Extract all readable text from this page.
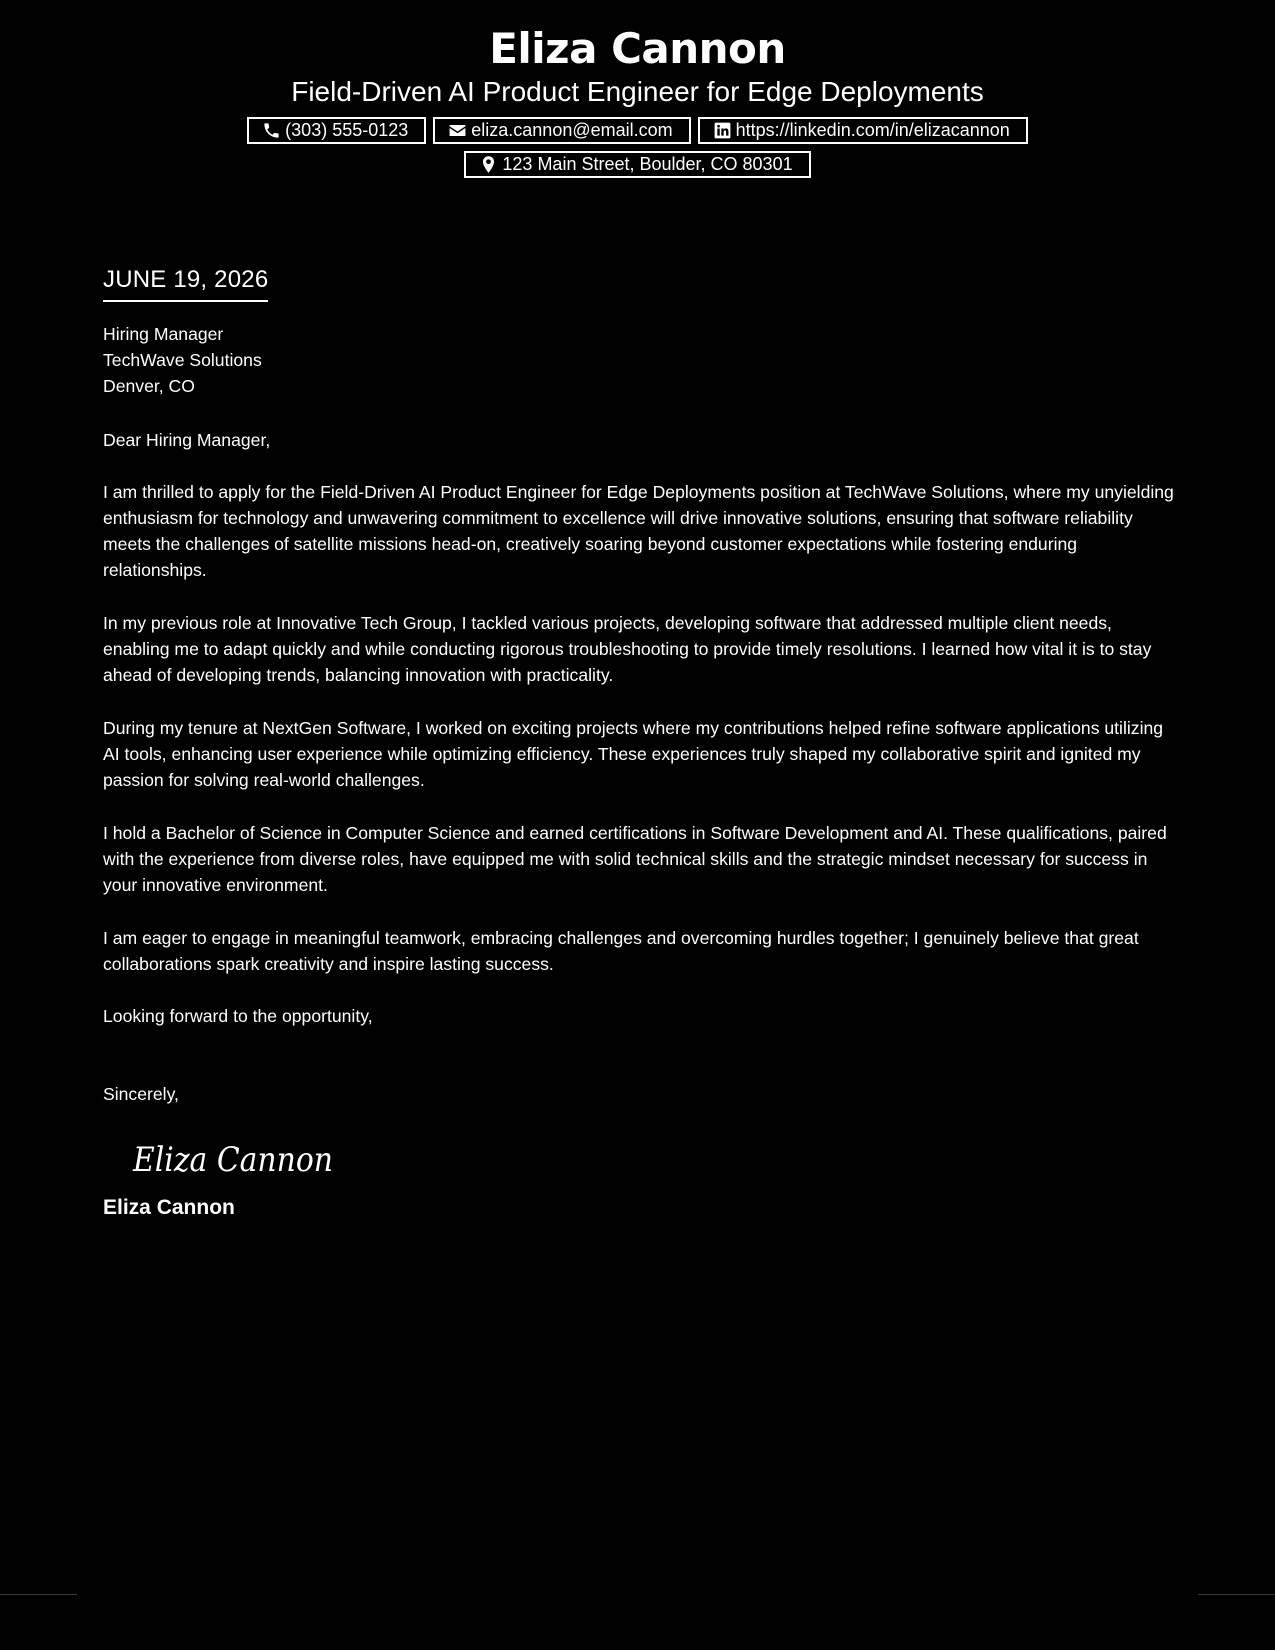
Eliza Cannon
Field-Driven AI Product Engineer for Edge Deployments
(303) 555-0123	eliza.cannon@email.com	https://linkedin.com/in/elizacannon
123 Main Street, Boulder, CO 80301
JUNE 19, 2026
Hiring Manager
TechWave Solutions
Denver, CO
Dear Hiring Manager,

I am thrilled to apply for the Field-Driven AI Product Engineer for Edge Deployments position at TechWave Solutions, where my unyielding enthusiasm for technology and unwavering commitment to excellence will drive innovative solutions, ensuring that software reliability meets the challenges of satellite missions head-on, creatively soaring beyond customer expectations while fostering enduring relationships.

In my previous role at Innovative Tech Group, I tackled various projects, developing software that addressed multiple client needs, enabling me to adapt quickly and while conducting rigorous troubleshooting to provide timely resolutions. I learned how vital it is to stay ahead of developing trends, balancing innovation with practicality.

During my tenure at NextGen Software, I worked on exciting projects where my contributions helped refine software applications utilizing AI tools, enhancing user experience while optimizing efficiency. These experiences truly shaped my collaborative spirit and ignited my passion for solving real-world challenges.

I hold a Bachelor of Science in Computer Science and earned certifications in Software Development and AI. These qualifications, paired with the experience from diverse roles, have equipped me with solid technical skills and the strategic mindset necessary for success in your innovative environment.

I am eager to engage in meaningful teamwork, embracing challenges and overcoming hurdles together; I genuinely believe that great collaborations spark creativity and inspire lasting success.

Looking forward to the opportunity,
Sincerely,
Eliza Cannon
Eliza Cannon
